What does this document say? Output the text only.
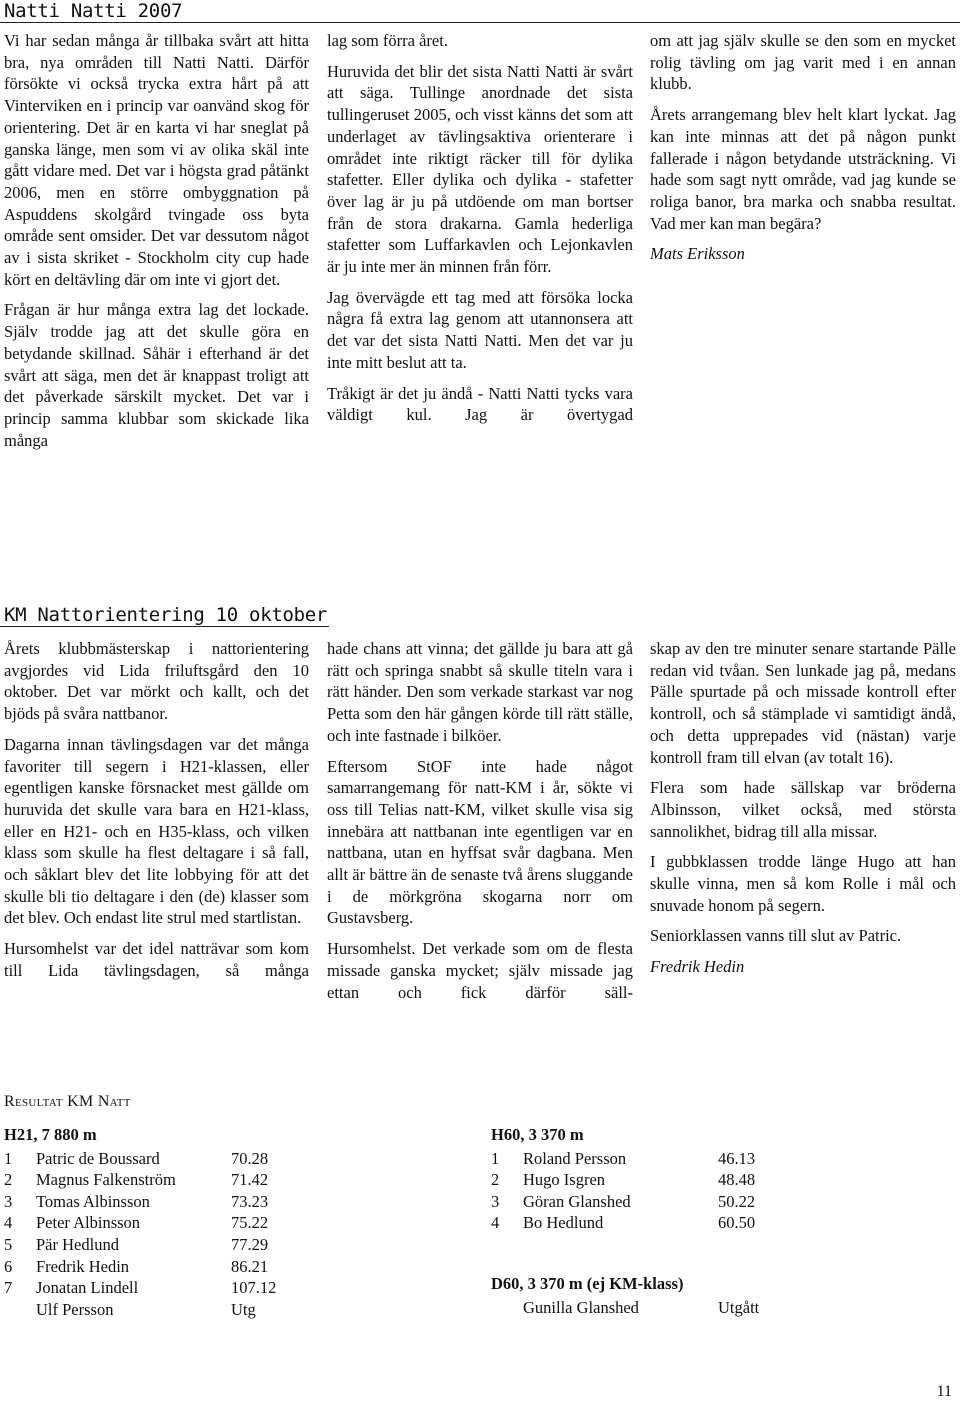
Natti Natti 2007

Vi har sedan många år tillbaka svårt att hitta bra, nya områden till Natti Natti. Därför försökte vi också trycka extra hårt på att Vinterviken en i princip var oanvänd skog för orientering. Det är en karta vi har sneglat på ganska länge, men som vi av olika skäl inte gått vidare med. Det var i högsta grad påtänkt 2006, men en större ombyggnation på Aspuddens skolgård tvingade oss byta område sent omsider. Det var dessutom något av i sista skriket - Stockholm city cup hade kört en deltävling där om inte vi gjort det.

Frågan är hur många extra lag det lockade. Själv trodde jag att det skulle göra en betydande skillnad. Såhär i efterhand är det svårt att säga, men det är knappast troligt att det påverkade särskilt mycket. Det var i princip samma klubbar som skickade lika många

lag som förra året.

Huruvida det blir det sista Natti Natti är svårt att säga. Tullinge anordnade det sista tullingeruset 2005, och visst känns det som att underlaget av tävlingsaktiva orienterare i området inte riktigt räcker till för dylika stafetter. Eller dylika och dylika - stafetter över lag är ju på utdöende om man bortser från de stora drakarna. Gamla hederliga stafetter som Luffarkavlen och Lejonkavlen är ju inte mer än minnen från förr.

Jag övervägde ett tag med att försöka locka några få extra lag genom att utannonsera att det var det sista Natti Natti. Men det var ju inte mitt beslut att ta.

Tråkigt är det ju ändå - Natti Natti tycks vara väldigt kul. Jag är övertygad

om att jag själv skulle se den som en mycket rolig tävling om jag varit med i en annan klubb.

Årets arrangemang blev helt klart lyckat. Jag kan inte minnas att det på någon punkt fallerade i någon betydande utsträckning. Vi hade som sagt nytt område, vad jag kunde se roliga banor, bra marka och snabba resultat. Vad mer kan man begära?

Mats Eriksson

KM Nattorientering 10 oktober

Årets klubbmästerskap i nattorientering avgjordes vid Lida friluftsgård den 10 oktober. Det var mörkt och kallt, och det bjöds på svåra nattbanor.

Dagarna innan tävlingsdagen var det många favoriter till segern i H21-klassen, eller egentligen kanske försnacket mest gällde om huruvida det skulle vara bara en H21-klass, eller en H21- och en H35-klass, och vilken klass som skulle ha flest deltagare i så fall, och såklart blev det lite lobbying för att det skulle bli tio deltagare i den (de) klasser som det blev. Och endast lite strul med startlistan.

Hursomhelst var det idel natträvar som kom till Lida tävlingsdagen, så många

hade chans att vinna; det gällde ju bara att gå rätt och springa snabbt så skulle titeln vara i rätt händer. Den som verkade starkast var nog Petta som den här gången körde till rätt ställe, och inte fastnade i bilköer.

Eftersom StOF inte hade något samarrangemang för natt-KM i år, sökte vi oss till Telias natt-KM, vilket skulle visa sig innebära att nattbanan inte egentligen var en nattbana, utan en hyffsat svår dagbana. Men allt är bättre än de senaste två årens sluggande i de mörkgröna skogarna norr om Gustavsberg.

Hursomhelst. Det verkade som om de flesta missade ganska mycket; själv missade jag ettan och fick därför säll-

skap av den tre minuter senare startande Pälle redan vid tvåan. Sen lunkade jag på, medans Pälle spurtade på och missade kontroll efter kontroll, och så stämplade vi samtidigt ändå, och detta upprepades vid (nästan) varje kontroll fram till elvan (av totalt 16).

Flera som hade sällskap var bröderna Albinsson, vilket också, med största sannolikhet, bidrag till alla missar.

I gubbklassen trodde länge Hugo att han skulle vinna, men så kom Rolle i mål och snuvade honom på segern.

Seniorklassen vanns till slut av Patric.

Fredrik Hedin

Resultat KM Natt
H21, 7 880 m		
1	Patric de Boussard	70.28
2	Magnus Falkenström	71.42
3	Tomas Albinsson	73.23
4	Peter Albinsson	75.22
5	Pär Hedlund	77.29
6	Fredrik Hedin	86.21
7	Jonatan Lindell	107.12
	Ulf Persson	Utg
H60, 3 370 m		
1	Roland Persson	46.13
2	Hugo Isgren	48.48
3	Göran Glanshed	50.22
4	Bo Hedlund	60.50
D60, 3 370 m (ej KM-klass)
	Gunilla Glanshed	Utgått
11
